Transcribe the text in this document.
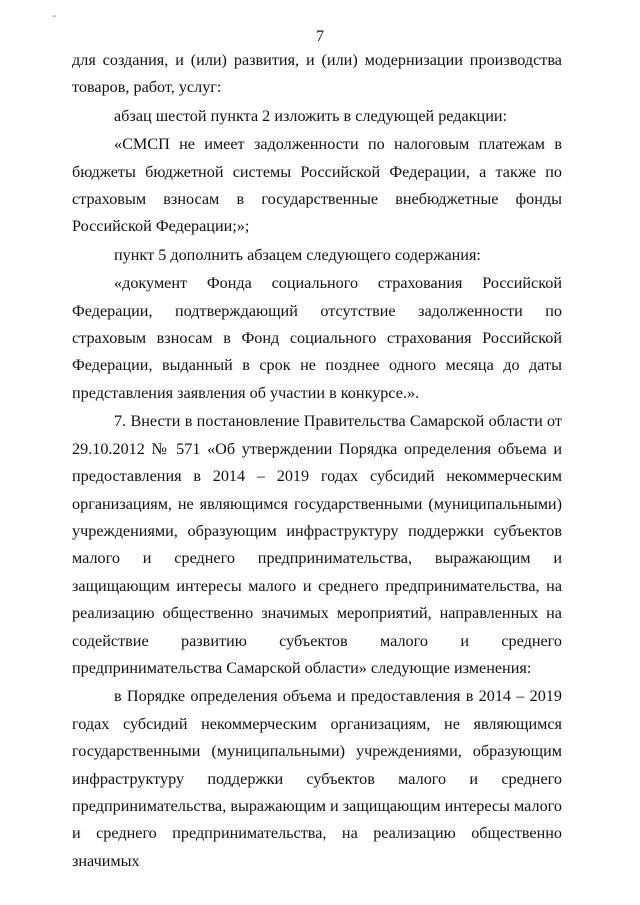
-
7

для создания, и (или) развития, и (или) модернизации производства товаров, работ, услуг:

абзац шестой пункта 2 изложить в следующей редакции:

«СМСП не имеет задолженности по налоговым платежам в бюджеты бюджетной системы Российской Федерации, а также по страховым взносам в государственные внебюджетные фонды Российской Федерации;»;

пункт 5 дополнить абзацем следующего содержания:

«документ Фонда социального страхования Российской Федерации, подтверждающий отсутствие задолженности по страховым взносам в Фонд социального страхования Российской Федерации, выданный в срок не позднее одного месяца до даты представления заявления об участии в конкурсе.».

7. Внести в постановление Правительства Самарской области от 29.10.2012 № 571 «Об утверждении Порядка определения объема и предоставления в 2014 – 2019 годах субсидий некоммерческим организациям, не являющимся государственными (муниципальными) учреждениями, образующим инфраструктуру поддержки субъектов малого и среднего предпринимательства, выражающим и защищающим интересы малого и среднего предпринимательства, на реализацию общественно значимых мероприятий, направленных на содействие развитию субъектов малого и среднего предпринимательства Самарской области» следующие изменения:

в Порядке определения объема и предоставления в 2014 – 2019 годах субсидий некоммерческим организациям, не являющимся государственными (муниципальными) учреждениями, образующим инфраструктуру поддержки субъектов малого и среднего предпринимательства, выражающим и защищающим интересы малого и среднего предпринимательства, на реализацию общественно значимых
